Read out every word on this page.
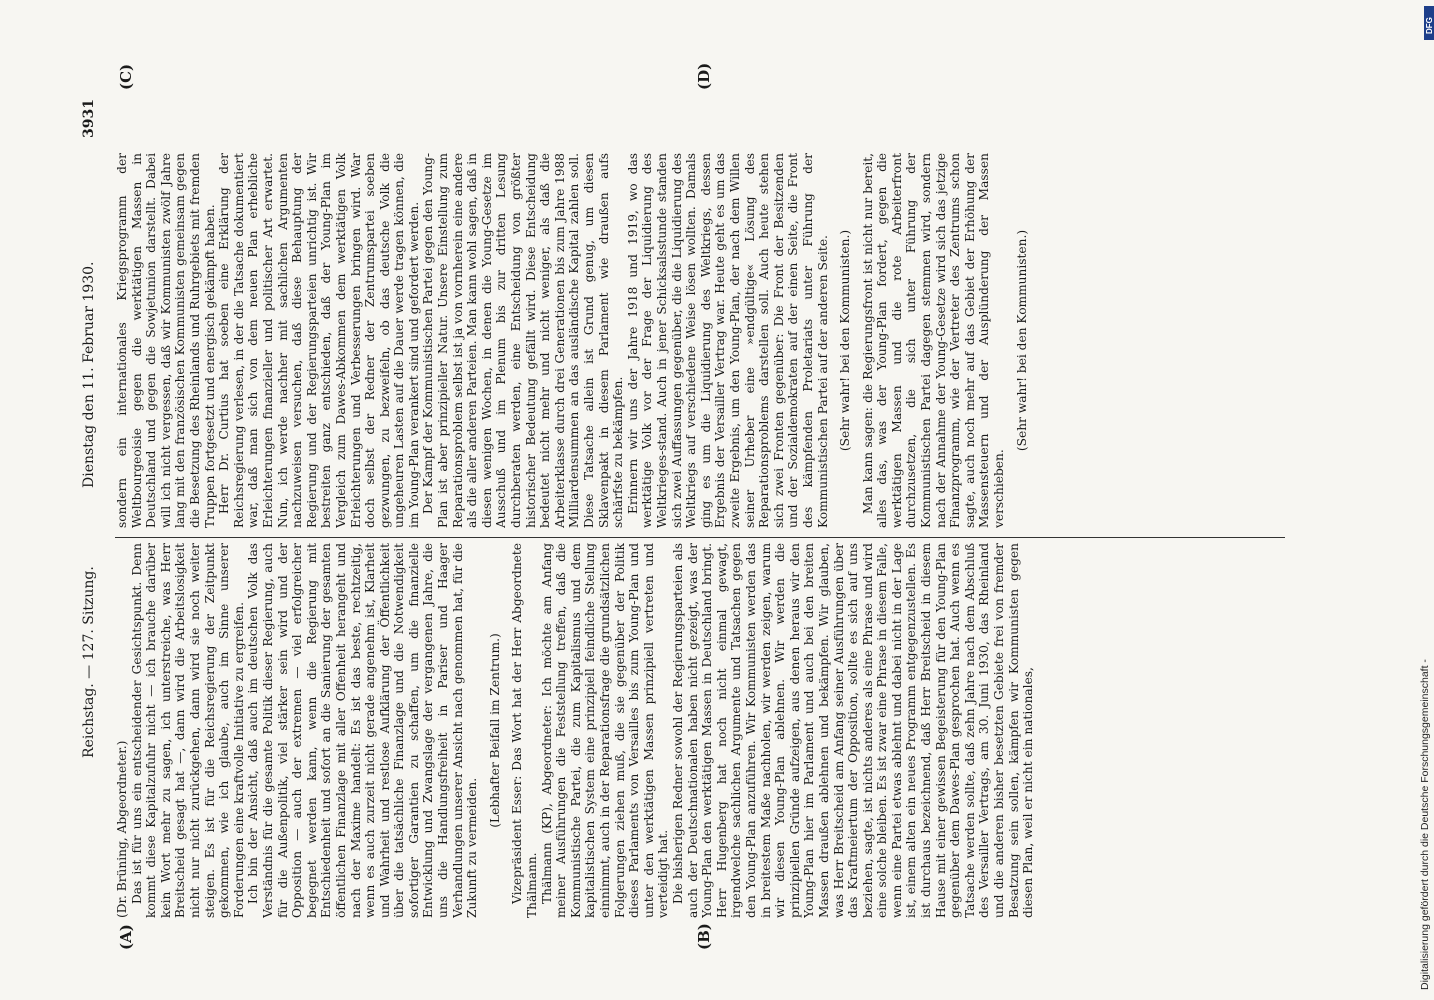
Reichstag. — 127. Sitzung.
Dienstag den 11. Februar 1930.
3931
(A)	(B)
(C)	(D)

(Dr. Brüning, Abgeordneter.) Das ist für uns ein entscheidender Gesichtspunkt. Denn kommt diese Kapitalzufuhr nicht — ich brauche darüber kein Wort mehr zu sagen, ich unterstreiche, was Herr Breitscheid gesagt hat —, dann wird die Arbeitslosigkeit nicht nur nicht zurückgehen, dann wird sie noch weiter steigen. Es ist für die Reichsregierung der Zeitpunkt gekommen, wie ich glaube, auch im Sinne unserer Forderungen eine kraftvolle Initiative zu ergreifen. Ich bin der Ansicht, daß auch im deutschen Volk das Verständnis für die gesamte Politik dieser Regierung, auch für die Außenpolitik, viel stärker sein wird und der Opposition — auch der extremen — viel erfolgreicher begegnet werden kann, wenn die Regierung mit Entschiedenheit und sofort an die Sanierung der gesamten öffentlichen Finanzlage mit aller Offenheit herangeht und nach der Maxime handelt: Es ist das beste, rechtzeitig, wenn es auch zurzeit nicht gerade angenehm ist, Klarheit und Wahrheit und restlose Aufklärung der Öffentlichkeit über die tatsächliche Finanzlage und die Notwendigkeit sofortiger Garantien zu schaffen, um die finanzielle Entwicklung und Zwangslage der vergangenen Jahre, die uns die Handlungsfreiheit in Pariser und Haager Verhandlungen unserer Ansicht nach genommen hat, für die Zukunft zu vermeiden.

(Lebhafter Beifall im Zentrum.) Vizepräsident Esser: Das Wort hat der Herr Abgeordnete Thälmann. Thälmann (KP), Abgeordneter: Ich möchte am Anfang meiner Ausführungen die Feststellung treffen, daß die Kommunistische Partei, die zum Kapitalismus und dem kapitalistischen System eine prinzipiell feindliche Stellung einnimmt, auch in der Reparationsfrage die grundsätzlichen Folgerungen ziehen muß, die sie gegenüber der Politik dieses Parlaments von Versailles bis zum Young-Plan und unter den werktätigen Massen prinzipiell vertreten und verteidigt hat. Die bisherigen Redner sowohl der Regierungsparteien als auch der Deutschnationalen haben nicht gezeigt, was der Young-Plan den werktätigen Massen in Deutschland bringt. Herr Hugenberg hat noch nicht einmal gewagt, irgendwelche sachlichen Argumente und Tatsachen gegen den Young-Plan anzuführen. Wir Kommunisten werden das in breitestem Maße nachholen, wir werden zeigen, warum wir diesen Young-Plan ablehnen. Wir werden die prinzipiellen Gründe aufzeigen, aus denen heraus wir den Young-Plan hier im Parlament und auch bei den breiten Massen draußen ablehnen und bekämpfen. Wir glauben, was Herr Breitscheid am Anfang seiner Ausführungen über das Kraftmeiertum der Opposition, sollte es sich auf uns beziehen, sagte, ist nichts anderes als eine Phrase und wird eine solche bleiben. Es ist zwar eine Phrase in diesem Falle, wenn eine Partei etwas ablehnt und dabei nicht in der Lage ist, einem alten ein neues Programm entgegenzustellen. Es ist durchaus bezeichnend, daß Herr Breitscheid in diesem Hause mit einer gewissen Begeisterung für den Young-Plan gegenüber dem Dawes-Plan gesprochen hat. Auch wenn es Tatsache werden sollte, daß zehn Jahre nach dem Abschluß des Versailler Vertrags, am 30. Juni 1930, das Rheinland und die anderen bisher besetzten Gebiete frei von fremder Besatzung sein sollen, kämpfen wir Kommunisten gegen diesen Plan, weil er nicht ein nationales,

sondern ein internationales Kriegsprogramm der Weltbourgeoisie gegen die werktätigen Massen in Deutschland und gegen die Sowjetunion darstellt. Dabei will ich nicht vergessen, daß wir Kommunisten zwölf Jahre lang mit den französischen Kommunisten gemeinsam gegen die Besetzung des Rheinlands und Ruhrgebiets mit fremden Truppen fortgesetzt und energisch gekämpft haben. Herr Dr. Curtius hat soeben eine Erklärung der Reichsregierung verlesen, in der die Tatsache dokumentiert war, daß man sich von dem neuen Plan erhebliche Erleichterungen finanzieller und politischer Art erwartet. Nun, ich werde nachher mit sachlichen Argumenten nachzuweisen versuchen, daß diese Behauptung der Regierung und der Regierungsparteien unrichtig ist. Wir bestreiten ganz entschieden, daß der Young-Plan im Vergleich zum Dawes-Abkommen dem werktätigen Volk Erleichterungen und Verbesserungen bringen wird. War doch selbst der Redner der Zentrumspartei soeben gezwungen, zu bezweifeln, ob das deutsche Volk die ungeheuren Lasten auf die Dauer werde tragen können, die im Young-Plan verankert sind und gefordert werden. Der Kampf der Kommunistischen Partei gegen den Young-Plan ist aber prinzipieller Natur. Unsere Einstellung zum Reparationsproblem selbst ist ja von vornherein eine andere als die aller anderen Parteien. Man kann wohl sagen, daß in diesen wenigen Wochen, in denen die Young-Gesetze im Ausschuß und im Plenum bis zur dritten Lesung durchberaten werden, eine Entscheidung von größter historischer Bedeutung gefällt wird. Diese Entscheidung bedeutet nicht mehr und nicht weniger, als daß die Arbeiterklasse durch drei Generationen bis zum Jahre 1988 Milliardensummen an das ausländische Kapital zahlen soll. Diese Tatsache allein ist Grund genug, um diesen Sklavenpakt in diesem Parlament wie draußen aufs schärfste zu bekämpfen. Erinnern wir uns der Jahre 1918 und 1919, wo das werktätige Volk vor der Frage der Liquidierung des Weltkrieges-stand. Auch in jener Schicksalsstunde standen sich zwei Auffassungen gegenüber, die die Liquidierung des Weltkriegs auf verschiedene Weise lösen wollten. Damals ging es um die Liquidierung des Weltkriegs, dessen Ergebnis der Versailler Vertrag war. Heute geht es um das zweite Ergebnis, um den Young-Plan, der nach dem Willen seiner Urheber eine »endgültige« Lösung des Reparationsproblems darstellen soll. Auch heute stehen sich zwei Fronten gegenüber: Die Front der Besitzenden und der Sozialdemokraten auf der einen Seite, die Front des kämpfenden Proletariats unter Führung der Kommunistischen Partei auf der anderen Seite. (Sehr wahr! bei den Kommunisten.) Man kann sagen: die Regierungsfront ist nicht nur bereit, alles das, was der Young-Plan fordert, gegen die werktätigen Massen und die rote Arbeiterfront durchzusetzen, die sich unter Führung der Kommunistischen Partei dagegen stemmen wird, sondern nach der Annahme der Young-Gesetze wird sich das jetzige Finanzprogramm, wie der Vertreter des Zentrums schon sagte, auch noch mehr auf das Gebiet der Erhöhung der Massensteuern und der Ausplünderung der Massen verschieben.

(Sehr wahr! bei den Kommunisten.)

Digitalisierung gefördert durch die Deutsche Forschungsgemeinschaft -
DFG
